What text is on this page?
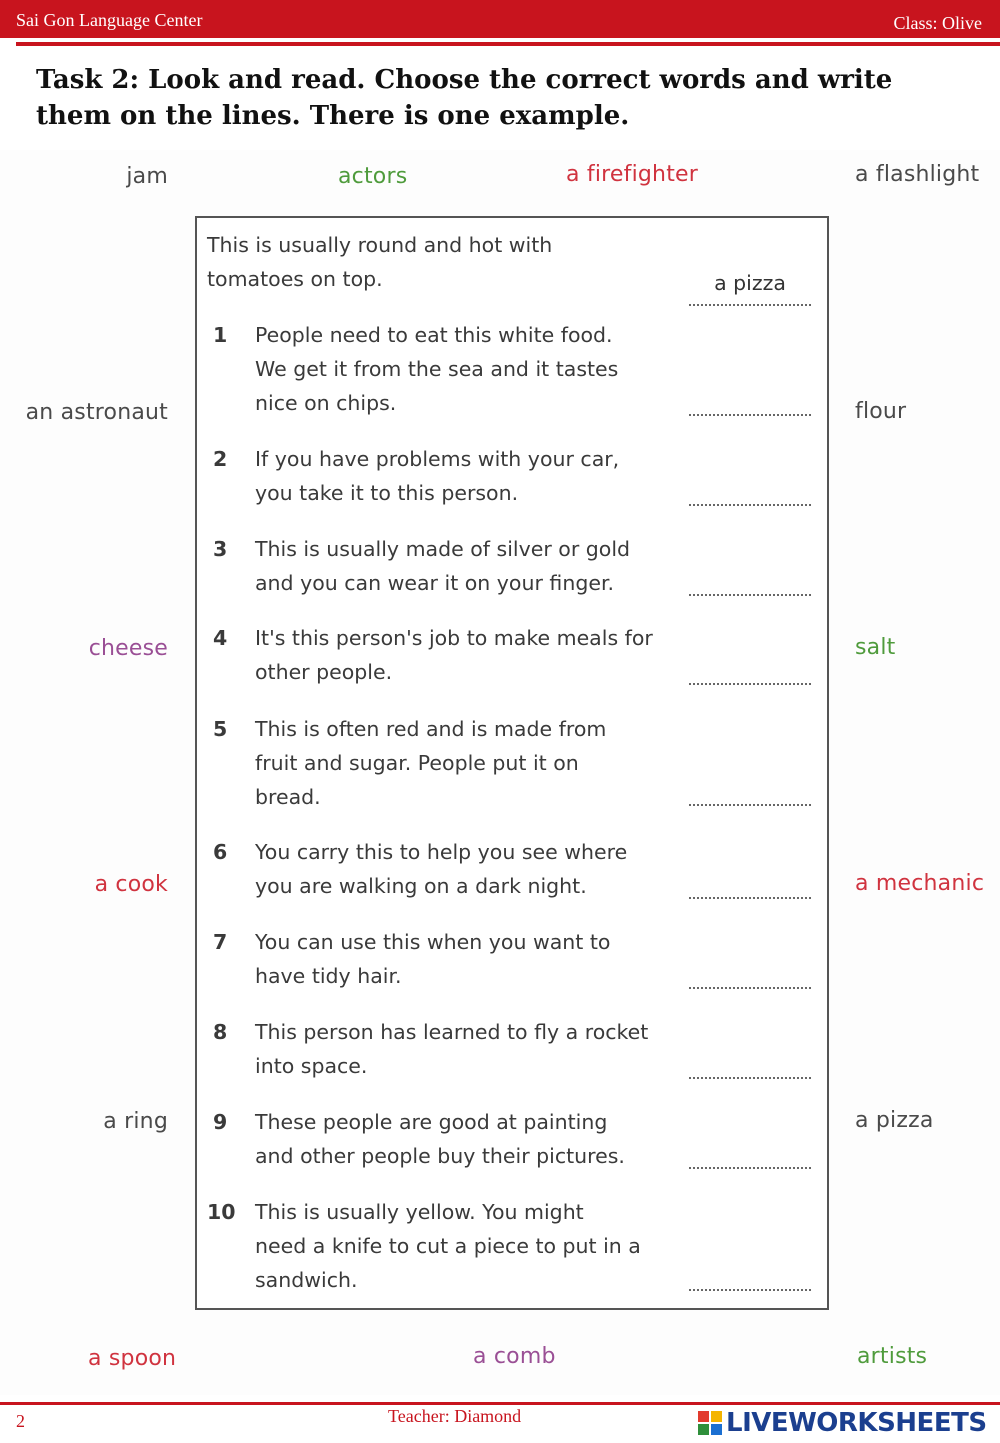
Sai Gon Language Center	Class: Olive
Task 2: Look and read. Choose the correct words and write them on the lines. There is one example.
jam	actors	a firefighter	a flashlight
an astronaut	flour
cheese	salt
a cook	a mechanic
a ring	a pizza
a spoon	a comb	artists
This is usually round and hot with
tomatoes on top.	a pizza
1	People need to eat this white food.
We get it from the sea and it tastes
nice on chips.
2	If you have problems with your car,
you take it to this person.
3	This is usually made of silver or gold
and you can wear it on your finger.
4	It's this person's job to make meals for
other people.
5	This is often red and is made from
fruit and sugar. People put it on
bread.
6	You carry this to help you see where
you are walking on a dark night.
7	You can use this when you want to
have tidy hair.
8	This person has learned to fly a rocket
into space.
9	These people are good at painting
and other people buy their pictures.
10 This is usually yellow. You might
need a knife to cut a piece to put in a
sandwich.
2	Teacher: Diamond	LIVEWORKSHEETS
